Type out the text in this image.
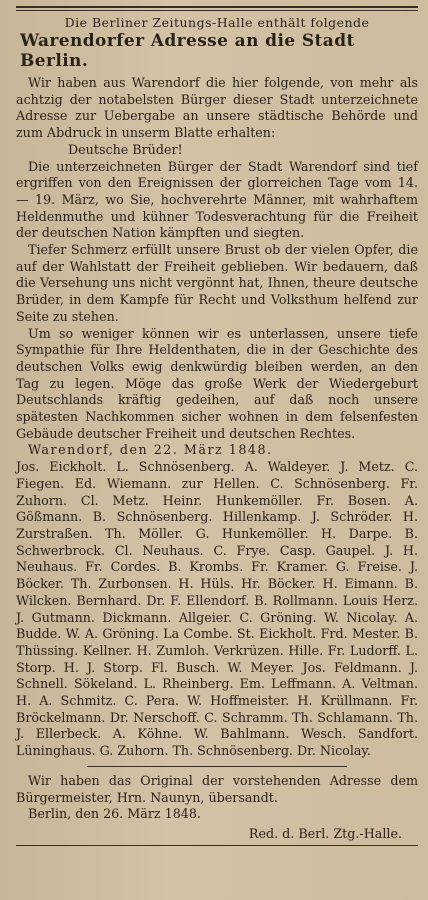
Die Berliner Zeitungs-Halle enthält folgende
Warendorfer Adresse an die Stadt Berlin.

Wir haben aus Warendorf die hier folgende, von mehr als achtzig der notabelsten Bürger dieser Stadt unterzeichnete Adresse zur Uebergabe an unsere städtische Behörde und zum Abdruck in unserm Blatte erhalten:

Deutsche Brüder!

Die unterzeichneten Bürger der Stadt Warendorf sind tief ergriffen von den Ereignissen der glorreichen Tage vom 14. — 19. März, wo Sie, hochverehrte Männer, mit wahrhaftem Heldenmuthe und kühner Todesverachtung für die Freiheit der deutschen Nation kämpften und siegten.

Tiefer Schmerz erfüllt unsere Brust ob der vielen Opfer, die auf der Wahlstatt der Freiheit geblieben. Wir bedauern, daß die Versehung uns nicht vergönnt hat, Ihnen, theure deutsche Brüder, in dem Kampfe für Recht und Volksthum helfend zur Seite zu stehen.

Um so weniger können wir es unterlassen, unsere tiefe Sympathie für Ihre Heldenthaten, die in der Geschichte des deutschen Volks ewig denkwürdig bleiben werden, an den Tag zu legen. Möge das große Werk der Wiedergeburt Deutschlands kräftig gedeihen, auf daß noch unsere spätesten Nachkommen sicher wohnen in dem felsenfesten Gebäude deutscher Freiheit und deutschen Rechtes.

Warendorf, den 22. März 1848.

Jos. Eickholt. L. Schnösenberg. A. Waldeyer. J. Metz. C. Fiegen. Ed. Wiemann. zur Hellen. C. Schnösenberg. Fr. Zuhorn. Cl. Metz. Heinr. Hunkemöller. Fr. Bosen. A. Gößmann. B. Schnösenberg. Hillenkamp. J. Schröder. H. Zurstraßen. Th. Möller. G. Hunkemöller. H. Darpe. B. Schwerbrock. Cl. Neuhaus. C. Frye. Casp. Gaupel. J. H. Neuhaus. Fr. Cordes. B. Krombs. Fr. Kramer. G. Freise. J. Böcker. Th. Zurbonsen. H. Hüls. Hr. Böcker. H. Eimann. B. Wilcken. Bernhard. Dr. F. Ellendorf. B. Rollmann. Louis Herz. J. Gutmann. Dickmann. Allgeier. C. Gröning. W. Nicolay. A. Budde. W. A. Gröning. La Combe. St. Eickholt. Frd. Mester. B. Thüssing. Kellner. H. Zumloh. Verkrüzen. Hille. Fr. Ludorff. L. Storp. H. J. Storp. Fl. Busch. W. Meyer. Jos. Feldmann. J. Schnell. Sökeland. L. Rheinberg. Em. Leffmann. A. Veltman. H. A. Schmitz. C. Pera. W. Hoffmeister. H. Krüllmann. Fr. Bröckelmann. Dr. Nerschoff. C. Schramm. Th. Schlamann. Th. J. Ellerbeck. A. Köhne. W. Bahlmann. Wesch. Sandfort. Lüninghaus. G. Zuhorn. Th. Schnösenberg. Dr. Nicolay.

Wir haben das Original der vorstehenden Adresse dem Bürgermeister, Hrn. Naunyn, übersandt.

Berlin, den 26. März 1848.

Red. d. Berl. Ztg.-Halle.
